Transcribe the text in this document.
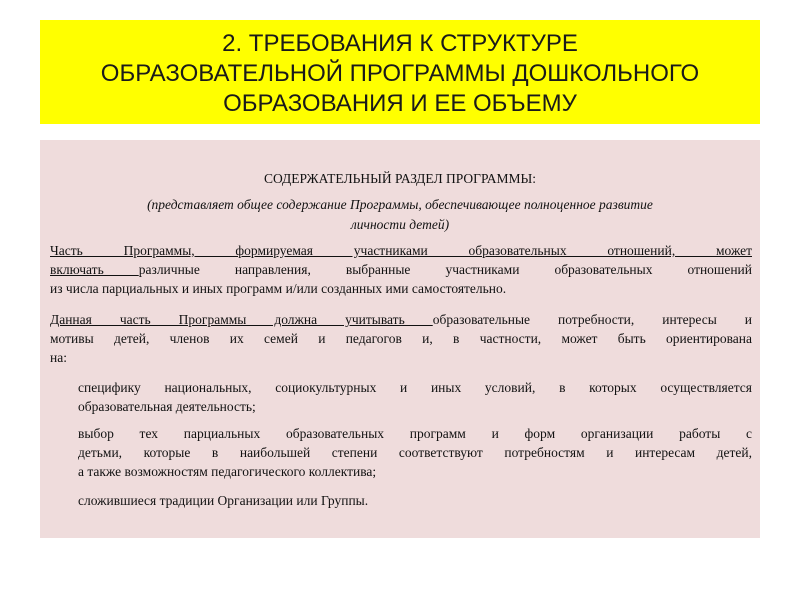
2. ТРЕБОВАНИЯ К СТРУКТУРЕ
ОБРАЗОВАТЕЛЬНОЙ ПРОГРАММЫ ДОШКОЛЬНОГО
ОБРАЗОВАНИЯ И ЕЕ ОБЪЕМУ
СОДЕРЖАТЕЛЬНЫЙ РАЗДЕЛ ПРОГРАММЫ:
(представляет общее содержание Программы, обеспечивающее полноценное развитие
личности детей)
Часть Программы, формируемая участниками образовательных отношений, может
включать различные направления, выбранные участниками образовательных отношений
из числа парциальных и иных программ и/или созданных ими самостоятельно.
Данная часть Программы должна учитывать образовательные потребности, интересы и
мотивы детей, членов их семей и педагогов и, в частности, может быть ориентирована
на:
специфику национальных, социокультурных и иных условий, в которых осуществляется
образовательная деятельность;
выбор тех парциальных образовательных программ и форм организации работы с
детьми, которые в наибольшей степени соответствуют потребностям и интересам детей,
а также возможностям педагогического коллектива;
сложившиеся традиции Организации или Группы.
